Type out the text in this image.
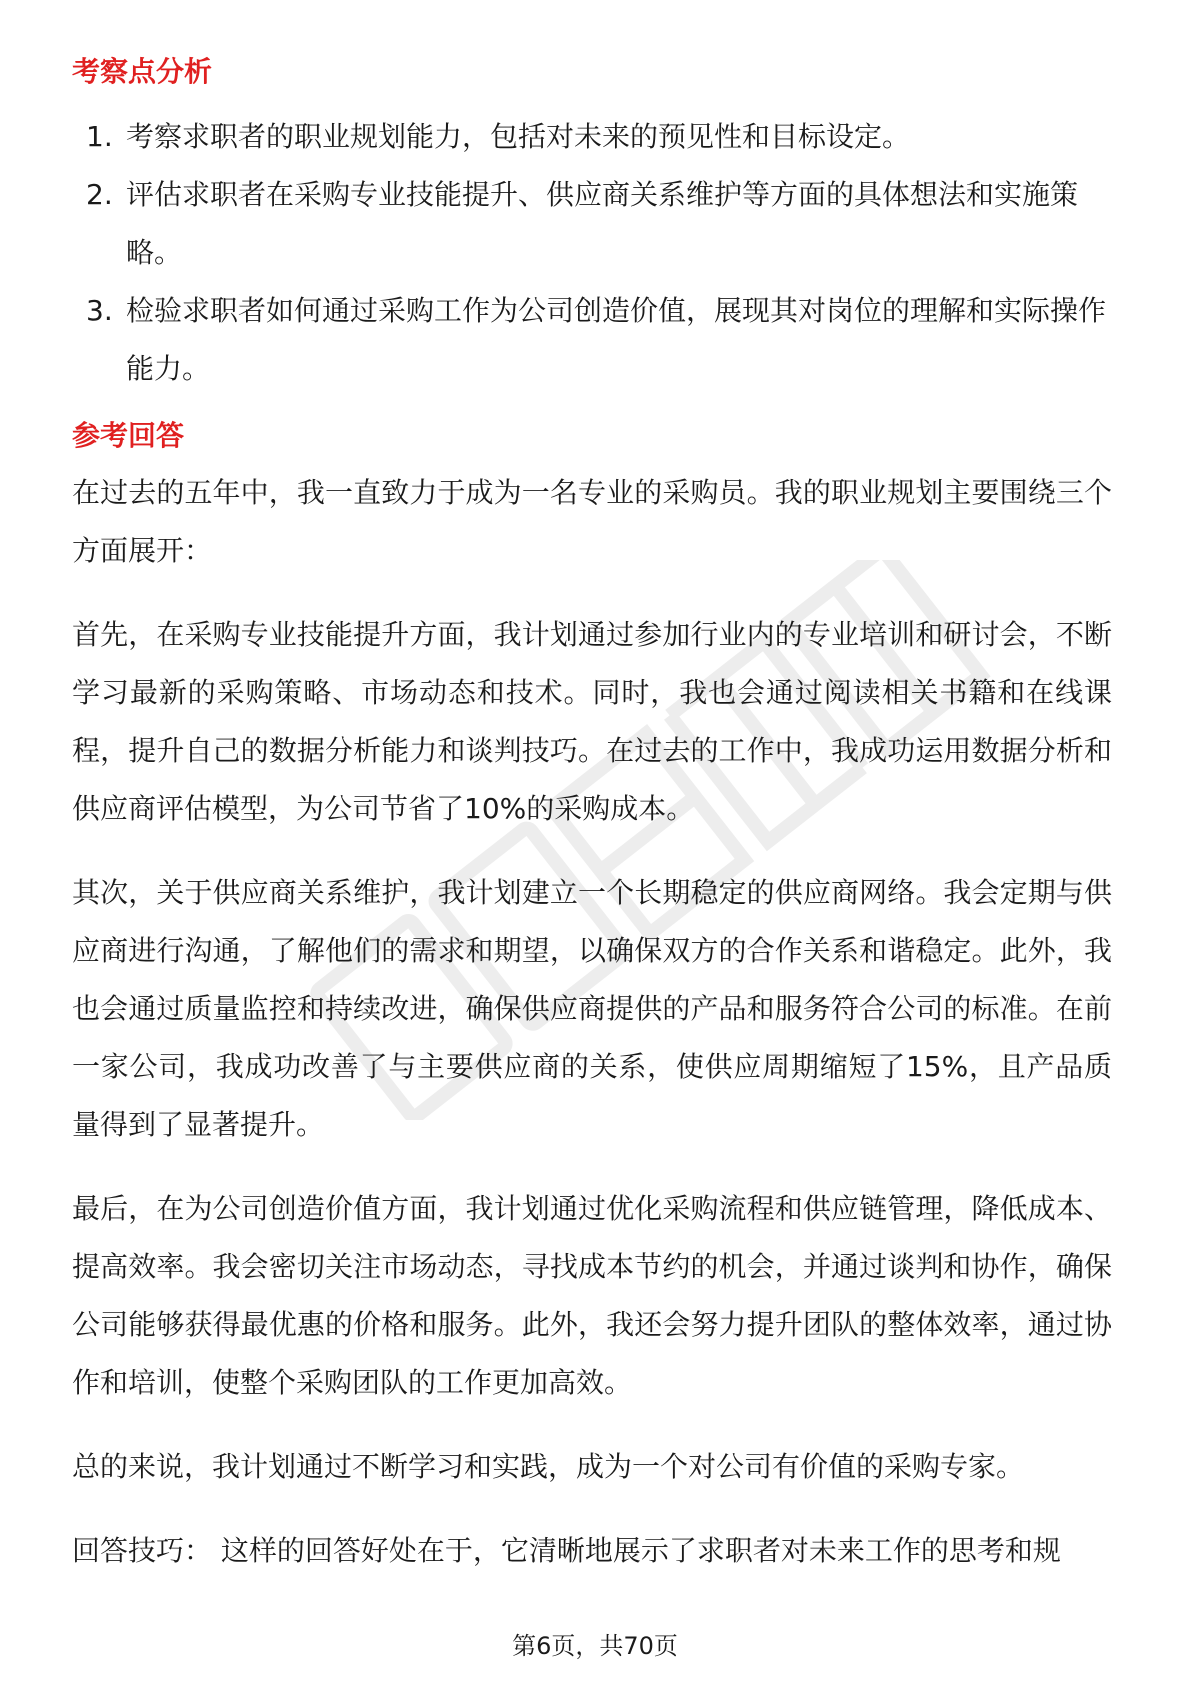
考察点分析
1. 考察求职者的职业规划能力，包括对未来的预见性和目标设定。
2. 评估求职者在采购专业技能提升、供应商关系维护等方面的具体想法和实施策略。
3. 检验求职者如何通过采购工作为公司创造价值，展现其对岗位的理解和实际操作能力。
参考回答

在过去的五年中，我一直致力于成为一名专业的采购员。我的职业规划主要围绕三个方面展开：

首先，在采购专业技能提升方面，我计划通过参加行业内的专业培训和研讨会，不断学习最新的采购策略、市场动态和技术。同时，我也会通过阅读相关书籍和在线课程，提升自己的数据分析能力和谈判技巧。在过去的工作中，我成功运用数据分析和供应商评估模型，为公司节省了10%的采购成本。

其次，关于供应商关系维护，我计划建立一个长期稳定的供应商网络。我会定期与供应商进行沟通，了解他们的需求和期望，以确保双方的合作关系和谐稳定。此外，我也会通过质量监控和持续改进，确保供应商提供的产品和服务符合公司的标准。在前一家公司，我成功改善了与主要供应商的关系，使供应周期缩短了15%，且产品质量得到了显著提升。

最后，在为公司创造价值方面，我计划通过优化采购流程和供应链管理，降低成本、提高效率。我会密切关注市场动态，寻找成本节约的机会，并通过谈判和协作，确保公司能够获得最优惠的价格和服务。此外，我还会努力提升团队的整体效率，通过协作和培训，使整个采购团队的工作更加高效。

总的来说，我计划通过不断学习和实践，成为一个对公司有价值的采购专家。

回答技巧： 这样的回答好处在于，它清晰地展示了求职者对未来工作的思考和规

第6页，共70页
